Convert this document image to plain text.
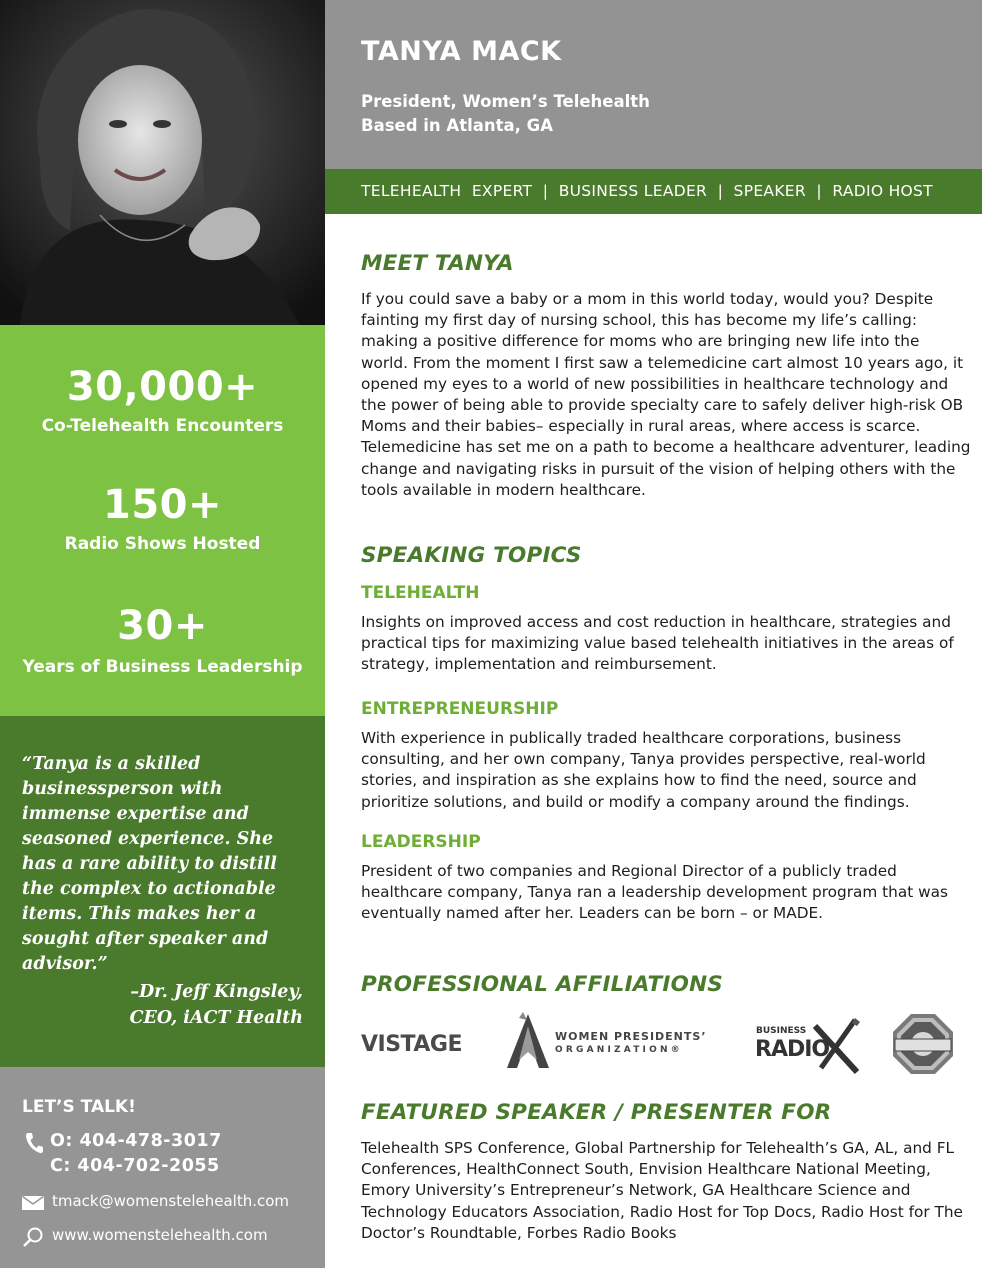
30,000+
Co-Telehealth Encounters
150+
Radio Shows Hosted
30+
Years of Business Leadership
“Tanya is a skilled businessperson with immense expertise and seasoned experience. She has a rare ability to distill the complex to actionable items. This makes her a sought after speaker and advisor.”
–Dr. Jeff Kingsley,
CEO, iACT Health
LET’S TALK!
O: 404-478-3017
C: 404-702-2055
tmack@womenstelehealth.com
www.womenstelehealth.com
TANYA MACK
President, Women’s Telehealth
Based in Atlanta, GA
TELEHEALTH  EXPERT  |  BUSINESS LEADER  |  SPEAKER  |  RADIO HOST
MEET TANYA
If you could save a baby or a mom in this world today, would you? Despite fainting my first day of nursing school, this has become my life’s calling: making a positive difference for moms who are bringing new life into the world. From the moment I first saw a telemedicine cart almost 10 years ago, it opened my eyes to a world of new possibilities in healthcare technology and the power of being able to provide specialty care to safely deliver high-risk OB Moms and their babies– especially in rural areas, where access is scarce. Telemedicine has set me on a path to become a healthcare adventurer, leading change and navigating risks in pursuit of the vision of helping others with the tools available in modern healthcare.
SPEAKING TOPICS
TELEHEALTH
Insights on improved access and cost reduction in healthcare, strategies and practical tips for maximizing value based telehealth initiatives in the areas of strategy, implementation and reimbursement.
ENTREPRENEURSHIP
With experience in publically traded healthcare corporations, business consulting, and her own company, Tanya provides perspective, real-world stories, and inspiration as she explains how to find the need, source and prioritize solutions, and build or modify a company around the findings.
LEADERSHIP
President of two companies and Regional Director of a publicly traded healthcare company, Tanya ran a leadership development program that was eventually named after her. Leaders can be born – or MADE.
PROFESSIONAL AFFILIATIONS
VISTAGE	WOMEN PRESIDENTS’
ORGANIZATION®
BUSINESS
RADIO
FEATURED SPEAKER / PRESENTER FOR
Telehealth SPS Conference, Global Partnership for Telehealth’s GA, AL, and FL Conferences, HealthConnect South, Envision Healthcare National Meeting, Emory University’s Entrepreneur’s Network, GA Healthcare Science and Technology Educators Association, Radio Host for Top Docs, Radio Host for The Doctor’s Roundtable, Forbes Radio Books
